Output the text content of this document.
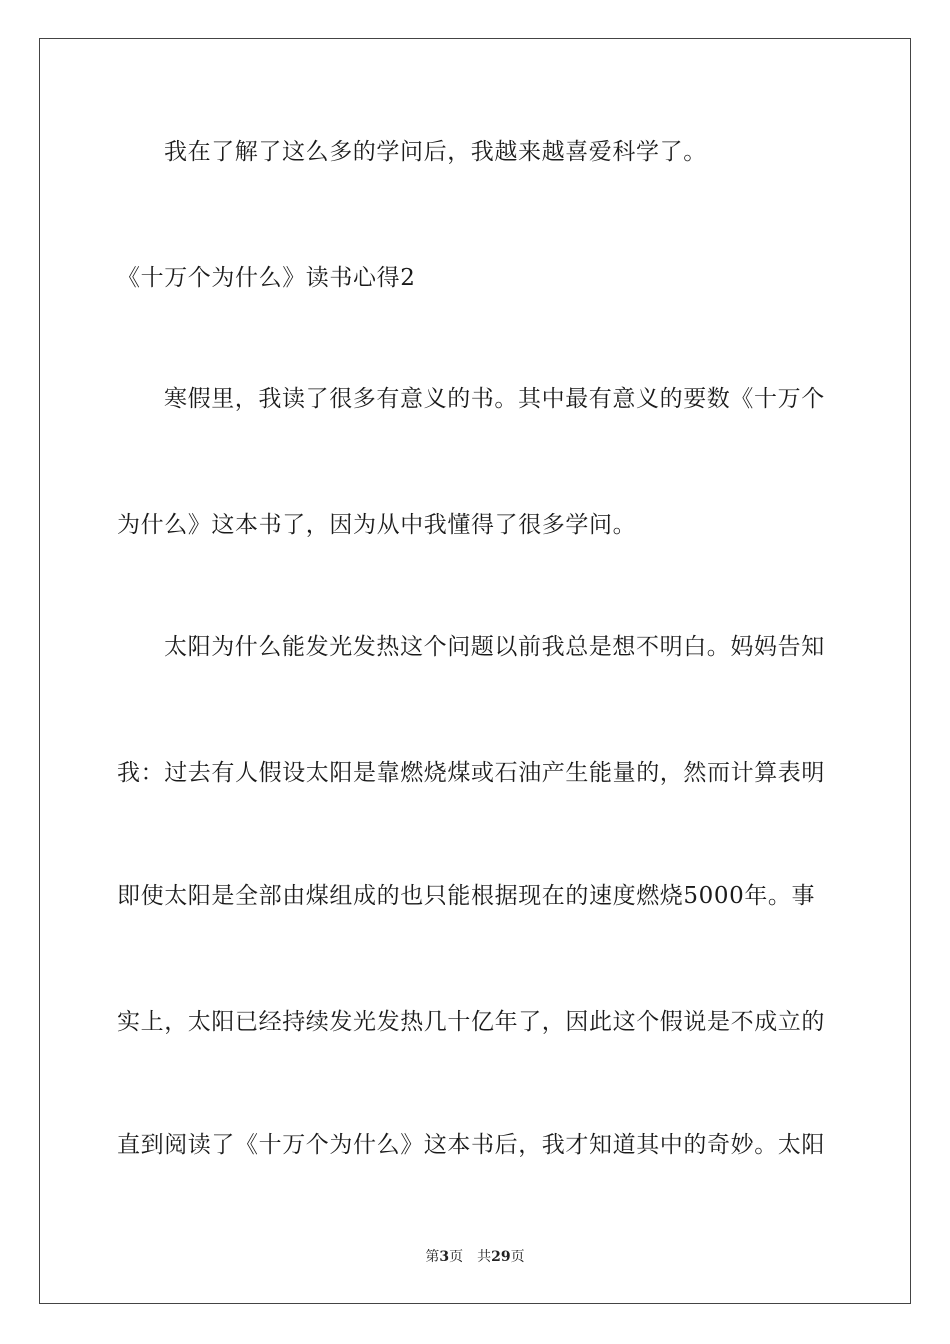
我在了解了这么多的学问后，我越来越喜爱科学了。
《十万个为什么》读书心得2
寒假里，我读了很多有意义的书。其中最有意义的要数《十万个
为什么》这本书了，因为从中我懂得了很多学问。
太阳为什么能发光发热这个问题以前我总是想不明白。妈妈告知
我：过去有人假设太阳是靠燃烧煤或石油产生能量的，然而计算表明
即使太阳是全部由煤组成的也只能根据现在的速度燃烧5000年。事
实上，太阳已经持续发光发热几十亿年了，因此这个假说是不成立的
直到阅读了《十万个为什么》这本书后，我才知道其中的奇妙。太阳
第3页 共29页
